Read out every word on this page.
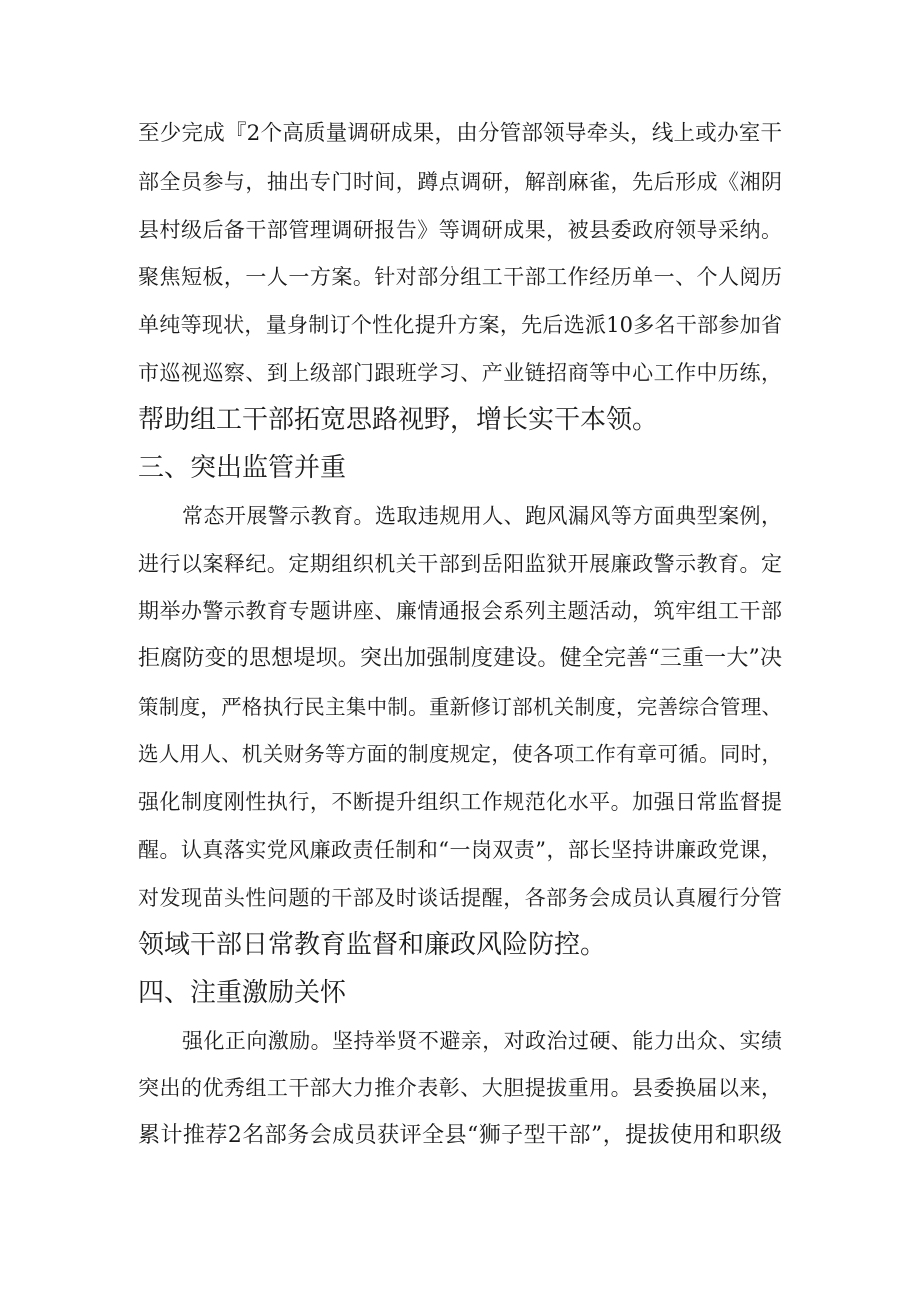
至少完成『2个高质量调研成果，由分管部领导牵头，线上或办室干
部全员参与，抽出专门时间，蹲点调研，解剖麻雀，先后形成《湘阴
县村级后备干部管理调研报告》等调研成果，被县委政府领导采纳。
聚焦短板，一人一方案。针对部分组工干部工作经历单一、个人阅历
单纯等现状，量身制订个性化提升方案，先后选派10多名干部参加省
市巡视巡察、到上级部门跟班学习、产业链招商等中心工作中历练，
帮助组工干部拓宽思路视野，增长实干本领。
三、突出监管并重
常态开展警示教育。选取违规用人、跑风漏风等方面典型案例，
进行以案释纪。定期组织机关干部到岳阳监狱开展廉政警示教育。定
期举办警示教育专题讲座、廉情通报会系列主题活动，筑牢组工干部
拒腐防变的思想堤坝。突出加强制度建设。健全完善“三重一大”决
策制度，严格执行民主集中制。重新修订部机关制度，完善综合管理、
选人用人、机关财务等方面的制度规定，使各项工作有章可循。同时，
强化制度刚性执行，不断提升组织工作规范化水平。加强日常监督提
醒。认真落实党风廉政责任制和“一岗双责”，部长坚持讲廉政党课，
对发现苗头性问题的干部及时谈话提醒，各部务会成员认真履行分管
领域干部日常教育监督和廉政风险防控。
四、注重激励关怀
强化正向激励。坚持举贤不避亲，对政治过硬、能力出众、实绩
突出的优秀组工干部大力推介表彰、大胆提拔重用。县委换届以来，
累计推荐2名部务会成员获评全县“狮子型干部”，提拔使用和职级
